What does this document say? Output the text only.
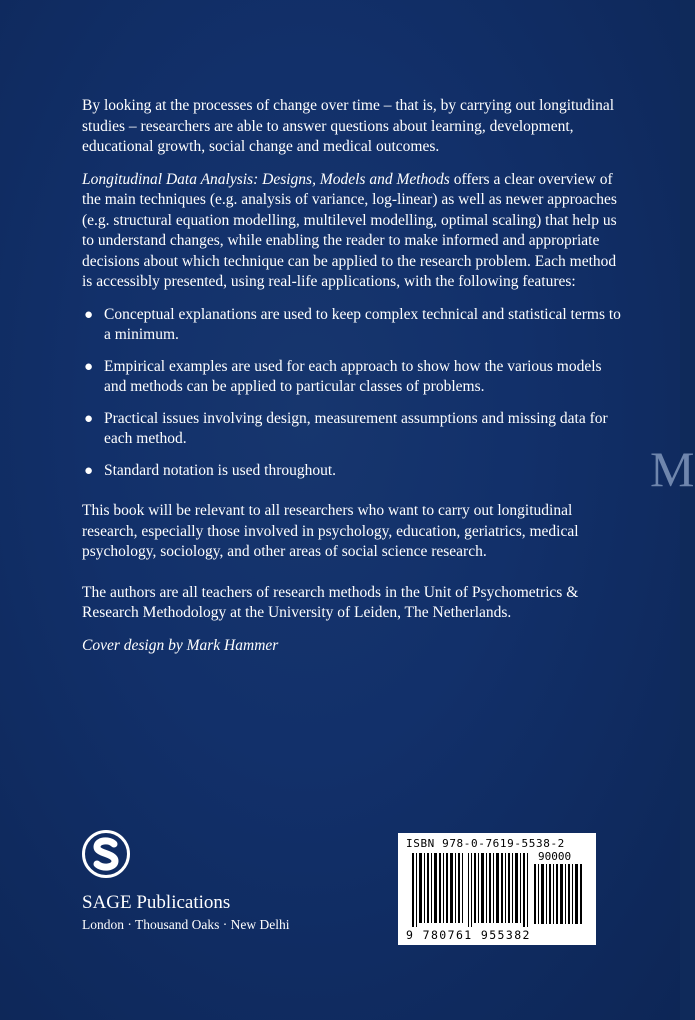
By looking at the processes of change over time – that is, by carrying out longitudinal studies – researchers are able to answer questions about learning, development, educational growth, social change and medical outcomes.

Longitudinal Data Analysis: Designs, Models and Methods offers a clear overview of the main techniques (e.g. analysis of variance, log-linear) as well as newer approaches (e.g. structural equation modelling, multilevel modelling, optimal scaling) that help us to understand changes, while enabling the reader to make informed and appropriate decisions about which technique can be applied to the research problem. Each method is accessibly presented, using real-life applications, with the following features:

● Conceptual explanations are used to keep complex technical and statistical terms to a minimum.
● Empirical examples are used for each approach to show how the various models and methods can be applied to particular classes of problems.
● Practical issues involving design, measurement assumptions and missing data for each method.
● Standard notation is used throughout.

This book will be relevant to all researchers who want to carry out longitudinal research, especially those involved in psychology, education, geriatrics, medical psychology, sociology, and other areas of social science research.

The authors are all teachers of research methods in the Unit of Psychometrics & Research Methodology at the University of Leiden, The Netherlands.

Cover design by Mark Hammer

M
SAGE Publications
London · Thousand Oaks · New Delhi
ISBN 978-0-7619-5538-2
90000
9 780761 955382
